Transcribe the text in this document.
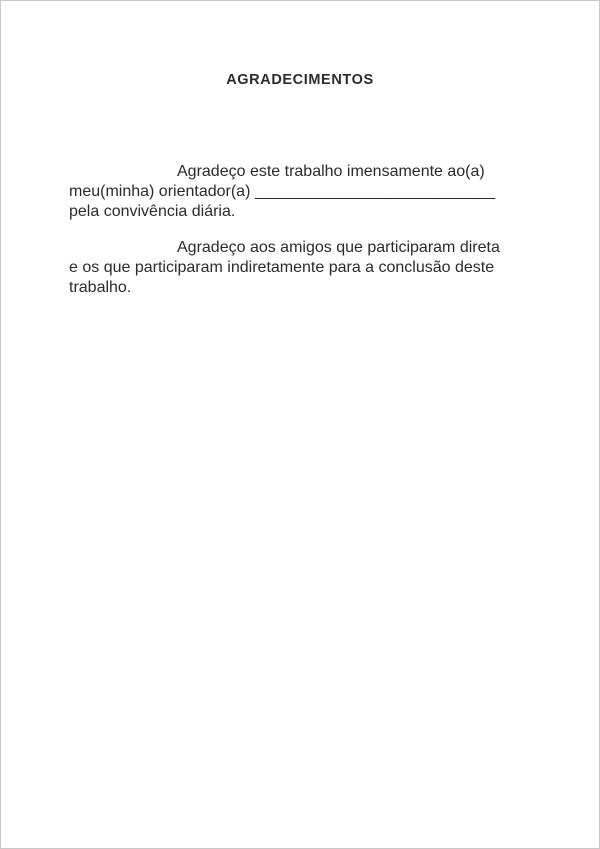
AGRADECIMENTOS

Agradeço este trabalho imensamente ao(a)
meu(minha) orientador(a) ___________________________
pela convivência diária.

Agradeço aos amigos que participaram direta
e os que participaram indiretamente para a conclusão deste
trabalho.
